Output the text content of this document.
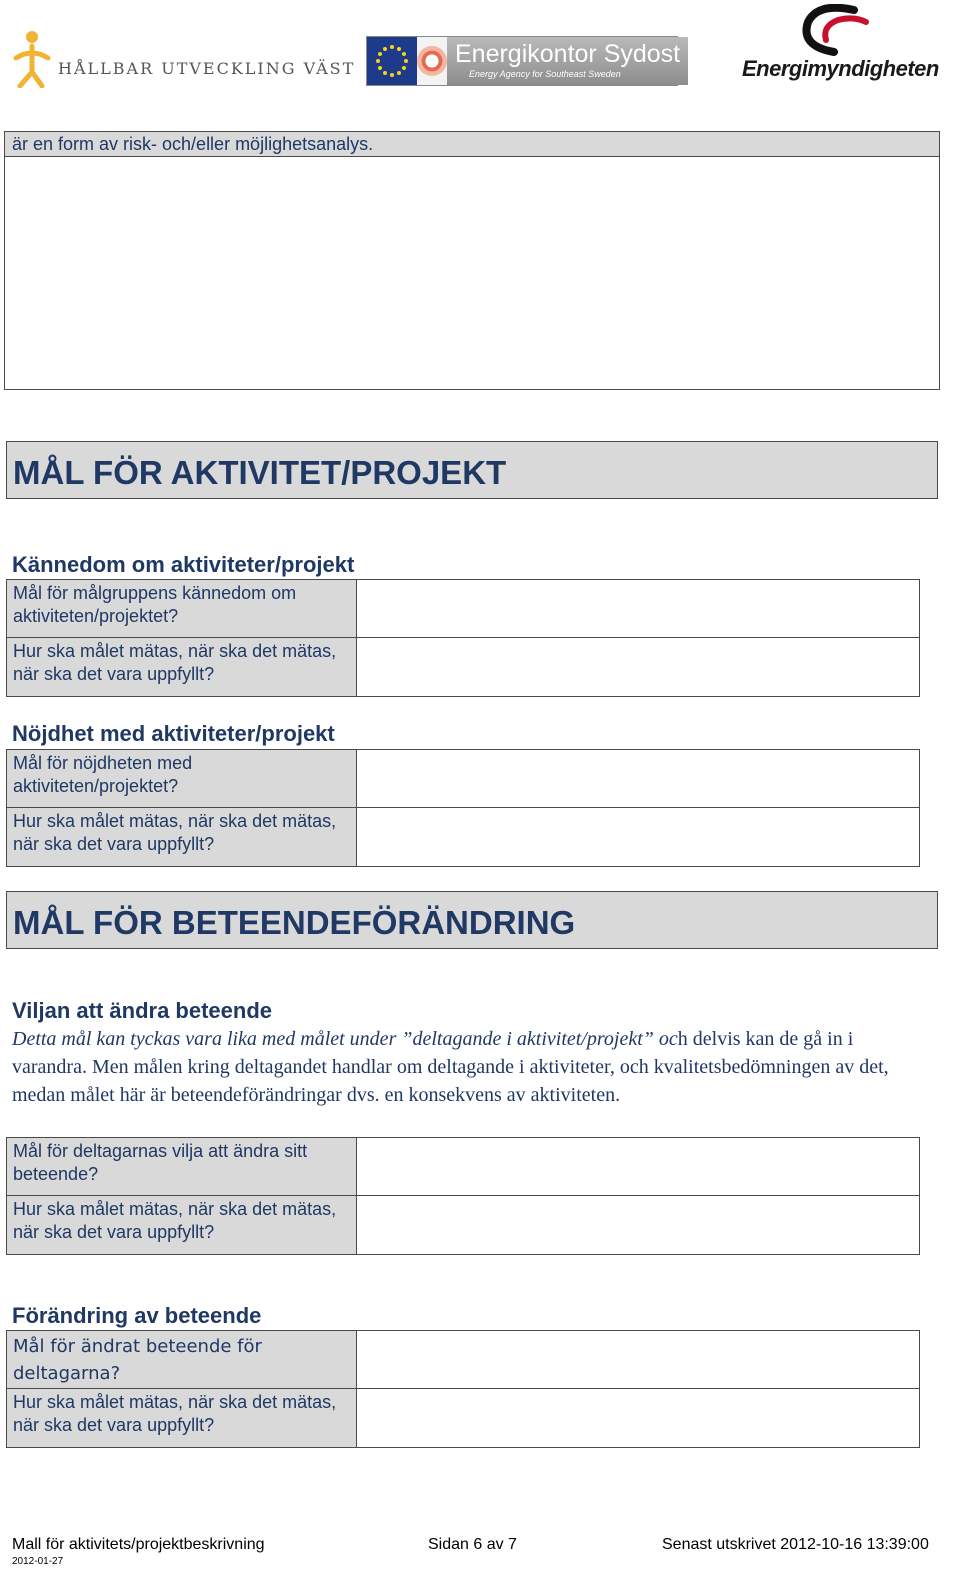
HÅLLBAR UTVECKLING VÄST	Energikontor Sydost
Energy Agency for Southeast Sweden	Energimyndigheten
är en form av risk- och/eller möjlighetsanalys.
MÅL FÖR AKTIVITET/PROJEKT
Kännedom om aktiviteter/projekt
Mål för målgruppens kännedom om aktiviteten/projektet?
Hur ska målet mätas, när ska det mätas, när ska det vara uppfyllt?
Nöjdhet med aktiviteter/projekt
Mål för nöjdheten med aktiviteten/projektet?
Hur ska målet mätas, när ska det mätas, när ska det vara uppfyllt?
MÅL FÖR BETEENDEFÖRÄNDRING
Viljan att ändra beteende
Detta mål kan tyckas vara lika med målet under ”deltagande i aktivitet/projekt” och delvis kan de gå in i varandra. Men målen kring deltagandet handlar om deltagande i aktiviteter, och kvalitetsbedömningen av det, medan målet här är beteendeförändringar dvs. en konsekvens av aktiviteten.
Mål för deltagarnas vilja att ändra sitt beteende?
Hur ska målet mätas, när ska det mätas, när ska det vara uppfyllt?
Förändring av beteende
Mål för ändrat beteende för deltagarna?
Hur ska målet mätas, när ska det mätas, när ska det vara uppfyllt?
Mall för aktivitets/projektbeskrivning	Sidan 6 av 7	Senast utskrivet 2012-10-16 13:39:00
2012-01-27
